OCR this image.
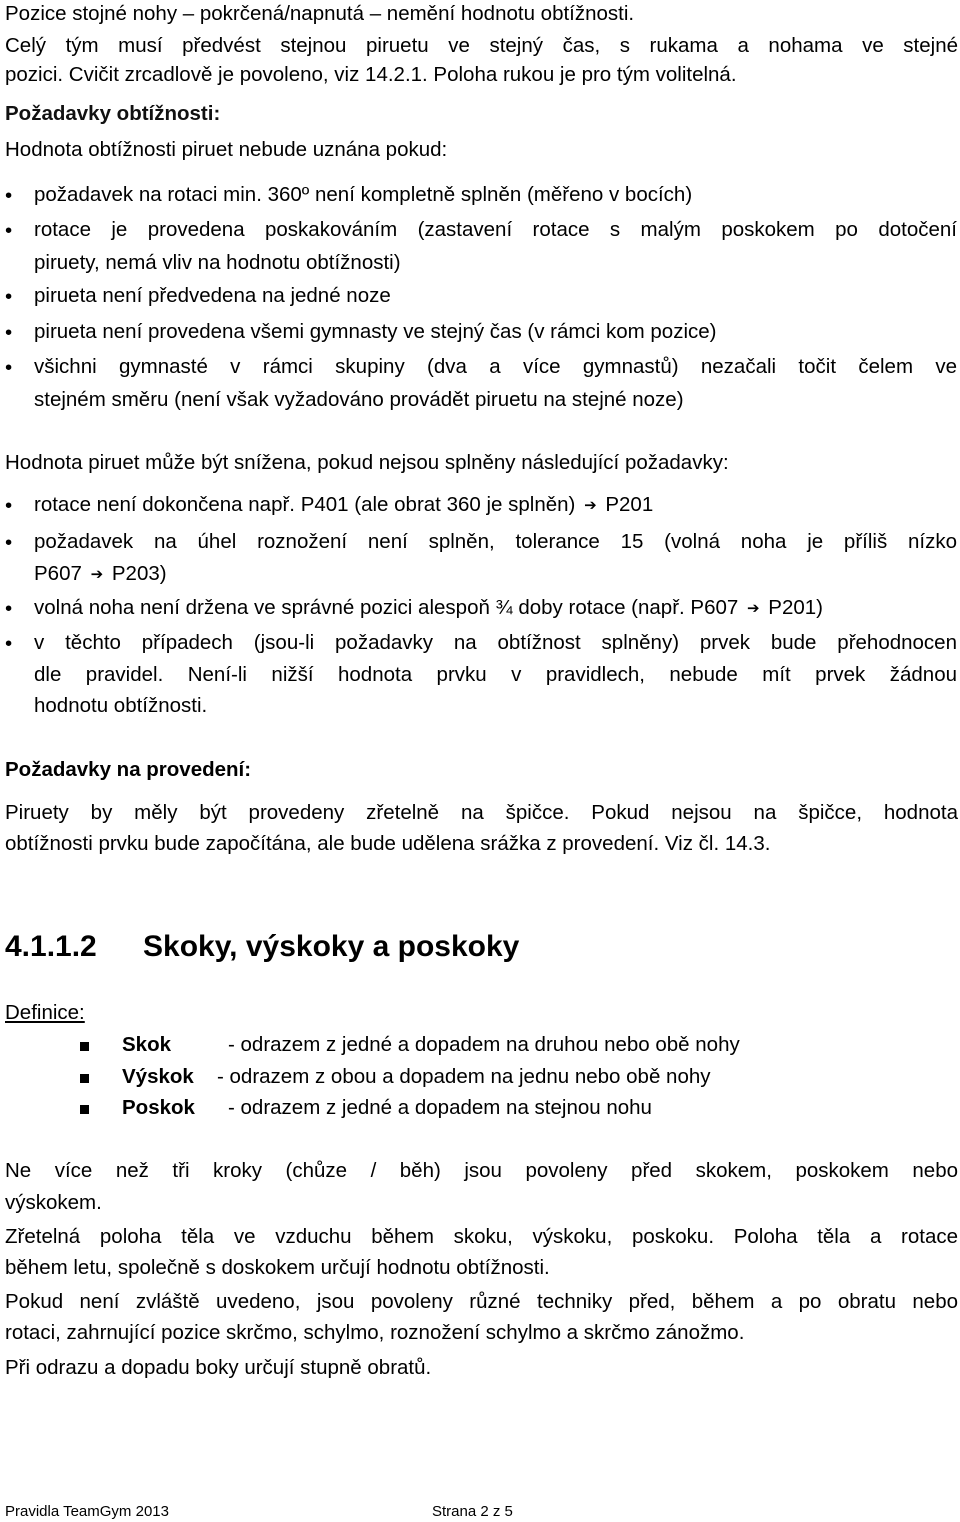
Pozice stojné nohy – pokrčená/napnutá – nemění hodnotu obtížnosti.
Celý tým musí předvést stejnou piruetu ve stejný čas, s rukama a nohama ve stejné
pozici. Cvičit zrcadlově je povoleno, viz 14.2.1. Poloha rukou je pro tým volitelná.
Požadavky obtížnosti:
Hodnota obtížnosti piruet nebude uznána pokud:
•
požadavek na rotaci min. 360º není kompletně splněn (měřeno v bocích)
•
rotace je provedena poskakováním (zastavení rotace s malým poskokem po dotočení
piruety, nemá vliv na hodnotu obtížnosti)
•
pirueta není předvedena na jedné noze
•
pirueta není provedena všemi gymnasty ve stejný čas (v rámci kom pozice)
•
všichni gymnasté v rámci skupiny (dva a více gymnastů) nezačali točit čelem ve
stejném směru (není však vyžadováno provádět piruetu na stejné noze)
Hodnota piruet může být snížena, pokud nejsou splněny následující požadavky:
•
rotace není dokončena např. P401 (ale obrat 360 je splněn) ➔ P201
•
požadavek na úhel roznožení není splněn, tolerance 15 (volná noha je příliš nízko
P607 ➔ P203)
•
volná noha není držena ve správné pozici alespoň ¾ doby rotace (např. P607 ➔ P201)
•
v těchto případech (jsou-li požadavky na obtížnost splněny) prvek bude přehodnocen
dle pravidel. Není-li nižší hodnota prvku v pravidlech, nebude mít prvek žádnou
hodnotu obtížnosti.
Požadavky na provedení:
Piruety by měly být provedeny zřetelně na špičce. Pokud nejsou na špičce, hodnota
obtížnosti prvku bude započítána, ale bude udělena srážka z provedení. Viz čl. 14.3.
4.1.1.2 Skoky, výskoky a poskoky
Definice:
Skok	- odrazem z jedné a dopadem na druhou nebo obě nohy
Výskok - odrazem z obou a dopadem na jednu nebo obě nohy
Poskok - odrazem z jedné a dopadem na stejnou nohu
Ne více než tři kroky (chůze / běh) jsou povoleny před skokem, poskokem nebo
výskokem.
Zřetelná poloha těla ve vzduchu během skoku, výskoku, poskoku. Poloha těla a rotace
během letu, společně s doskokem určují hodnotu obtížnosti.
Pokud není zvláště uvedeno, jsou povoleny různé techniky před, během a po obratu nebo
rotaci, zahrnující pozice skrčmo, schylmo, roznožení schylmo a skrčmo zánožmo.
Při odrazu a dopadu boky určují stupně obratů.
Pravidla TeamGym 2013	Strana 2 z 5
